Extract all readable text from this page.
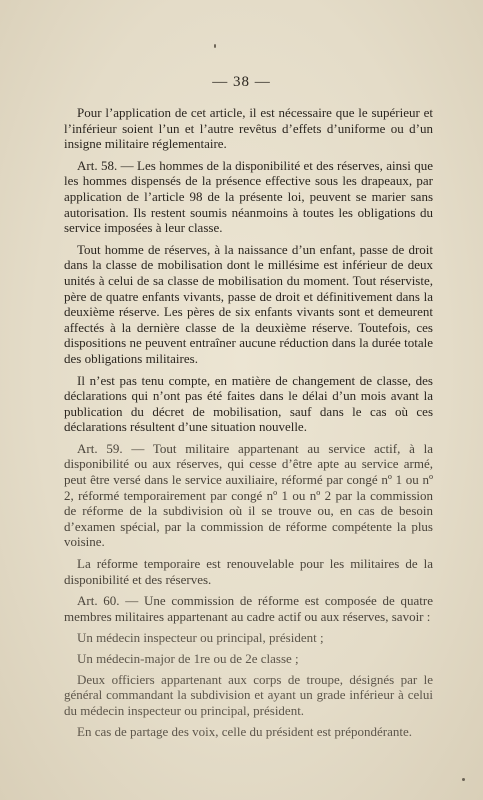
— 38 —

Pour l’application de cet article, il est nécessaire que le supérieur et l’inférieur soient l’un et l’autre revêtus d’effets d’uniforme ou d’un insigne militaire réglementaire.

Art. 58. — Les hommes de la disponibilité et des réserves, ainsi que les hommes dispensés de la présence effective sous les drapeaux, par application de l’article 98 de la présente loi, peuvent se marier sans autorisation. Ils restent soumis néanmoins à toutes les obligations du service imposées à leur classe.

Tout homme de réserves, à la naissance d’un enfant, passe de droit dans la classe de mobilisation dont le millésime est inférieur de deux unités à celui de sa classe de mobilisation du moment. Tout réserviste, père de quatre enfants vivants, passe de droit et définitivement dans la deuxième réserve. Les pères de six enfants vivants sont et demeurent affectés à la dernière classe de la deuxième réserve. Toutefois, ces dispositions ne peuvent entraîner aucune réduction dans la durée totale des obligations militaires.

Il n’est pas tenu compte, en matière de changement de classe, des déclarations qui n’ont pas été faites dans le délai d’un mois avant la publication du décret de mobilisation, sauf dans le cas où ces déclarations résultent d’une situation nouvelle.

Art. 59. — Tout militaire appartenant au service actif, à la disponibilité ou aux réserves, qui cesse d’être apte au service armé, peut être versé dans le service auxiliaire, réformé par congé nº 1 ou nº 2, réformé temporairement par congé nº 1 ou nº 2 par la commission de réforme de la subdivision où il se trouve ou, en cas de besoin d’examen spécial, par la commission de réforme compétente la plus voisine.

La réforme temporaire est renouvelable pour les militaires de la disponibilité et des réserves.

Art. 60. — Une commission de réforme est composée de quatre membres militaires appartenant au cadre actif ou aux réserves, savoir :

Un médecin inspecteur ou principal, président ;

Un médecin-major de 1re ou de 2e classe ;

Deux officiers appartenant aux corps de troupe, désignés par le général commandant la subdivision et ayant un grade inférieur à celui du médecin inspecteur ou principal, président.

En cas de partage des voix, celle du président est prépondérante.
